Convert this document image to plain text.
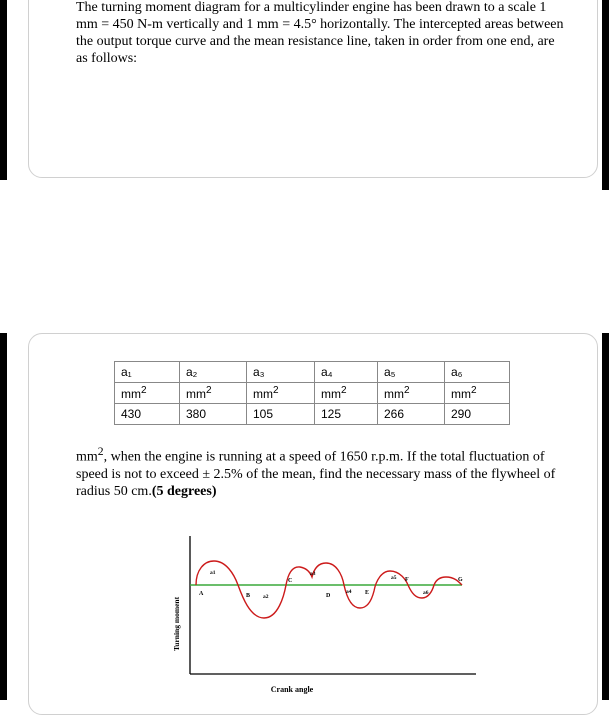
The turning moment diagram for a multicylinder engine has been drawn to a scale 1 mm = 450 N-m vertically and 1 mm = 4.5° horizontally. The intercepted areas between the output torque curve and the mean resistance line, taken in order from one end, are as follows:
a₁	a₂	a₃	a₄	a₅	a₆
$mm^2$	$mm^2$	$mm^2$	$mm^2$	$mm^2$	$mm^2$
430	380	105	125	266	290
$mm^2$, when the engine is running at a speed of 1650 r.p.m. If the total fluctuation of speed is not to exceed ± 2.5% of the mean, find the necessary mass of the flywheel of radius 50 cm.(5 degrees)
Turning moment
Crank angle
A	B
C
D	E
F	G
a1
a2
a3
a4
a5
a6
